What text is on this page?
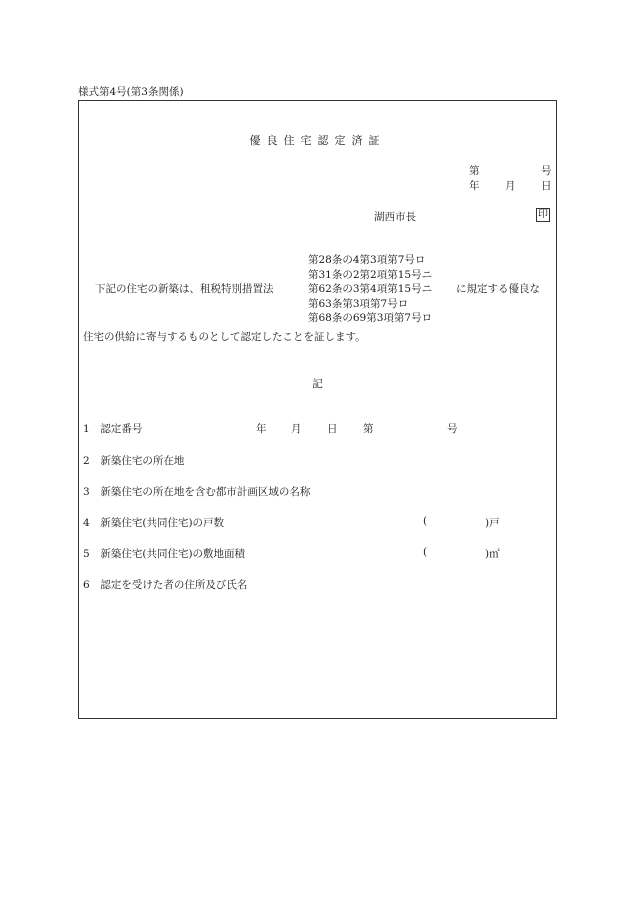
様式第4号(第3条関係)
優良住宅認定済証
第	号
年 月 日
湖西市長	印
下記の住宅の新築は、租税特別措置法
第28条の4第3項第7号ロ
第31条の2第2項第15号ニ
第62条の3第4項第15号ニ
第63条第3項第7号ロ
第68条の69第3項第7号ロ
に規定する優良な
住宅の供給に寄与するものとして認定したことを証します。
記
1 認定番号	年 月 日 第	号
2 新築住宅の所在地
3 新築住宅の所在地を含む都市計画区域の名称
4 新築住宅(共同住宅)の戸数	(	)戸
5 新築住宅(共同住宅)の敷地面積	(	)㎡
6 認定を受けた者の住所及び氏名
